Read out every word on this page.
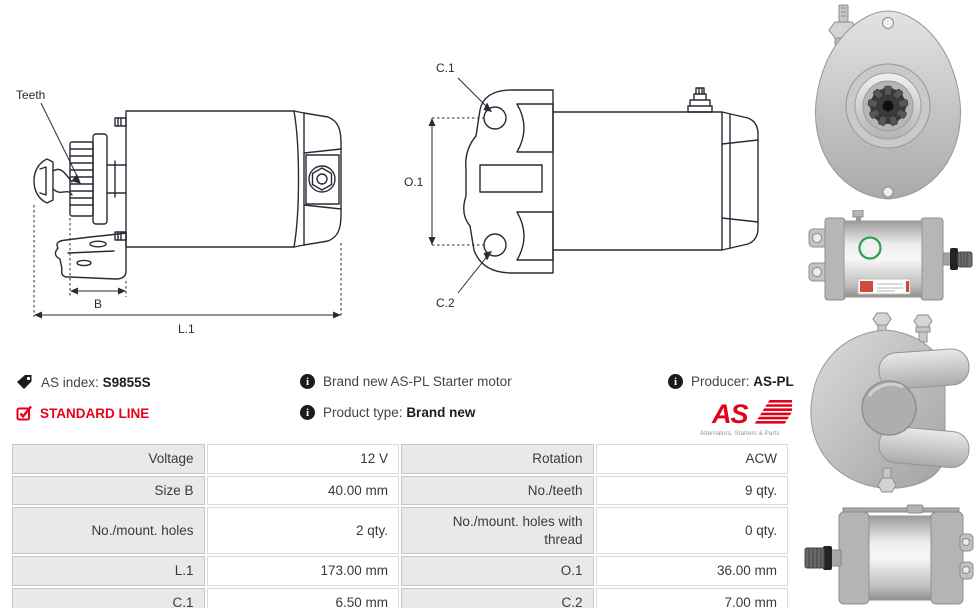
Teeth
B
L.1
C.1
O.1
C.2
AS index: S9855S
STANDARD LINE
i	Brand new AS-PL Starter motor
i	Product type: Brand new
i	Producer: AS-PL
AS
Alternators, Starters & Parts
Voltage	12 V	Rotation	ACW
Size B	40.00 mm	No./teeth	9 qty.
No./mount. holes	2 qty.	No./mount. holes with thread	0 qty.
L.1	173.00 mm	O.1	36.00 mm
C.1	6.50 mm	C.2	7.00 mm
